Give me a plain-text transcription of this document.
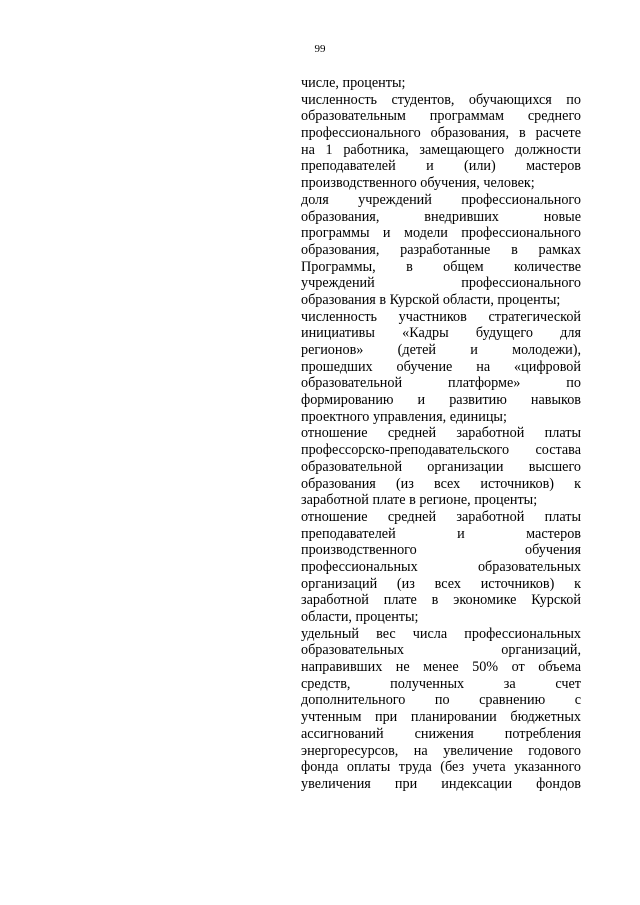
99
числе, проценты;
численность студентов, обучающихся по
образовательным программам среднего
профессионального образования, в расчете
на 1 работника, замещающего должности
преподавателей и (или) мастеров
производственного обучения, человек;
доля учреждений профессионального
образования, внедривших новые
программы и модели профессионального
образования, разработанные в рамках
Программы, в общем количестве
учреждений профессионального
образования в Курской области, проценты;
численность участников стратегической
инициативы «Кадры будущего для
регионов» (детей и молодежи),
прошедших обучение на «цифровой
образовательной платформе» по
формированию и развитию навыков
проектного управления, единицы;
отношение средней заработной платы
профессорско-преподавательского состава
образовательной организации высшего
образования (из всех источников) к
заработной плате в регионе, проценты;
отношение средней заработной платы
преподавателей и мастеров
производственного обучения
профессиональных образовательных
организаций (из всех источников) к
заработной плате в экономике Курской
области, проценты;
удельный вес числа профессиональных
образовательных организаций,
направивших не менее 50% от объема
средств, полученных за счет
дополнительного по сравнению с
учтенным при планировании бюджетных
ассигнований снижения потребления
энергоресурсов, на увеличение годового
фонда оплаты труда (без учета указанного
увеличения при индексации фондов
